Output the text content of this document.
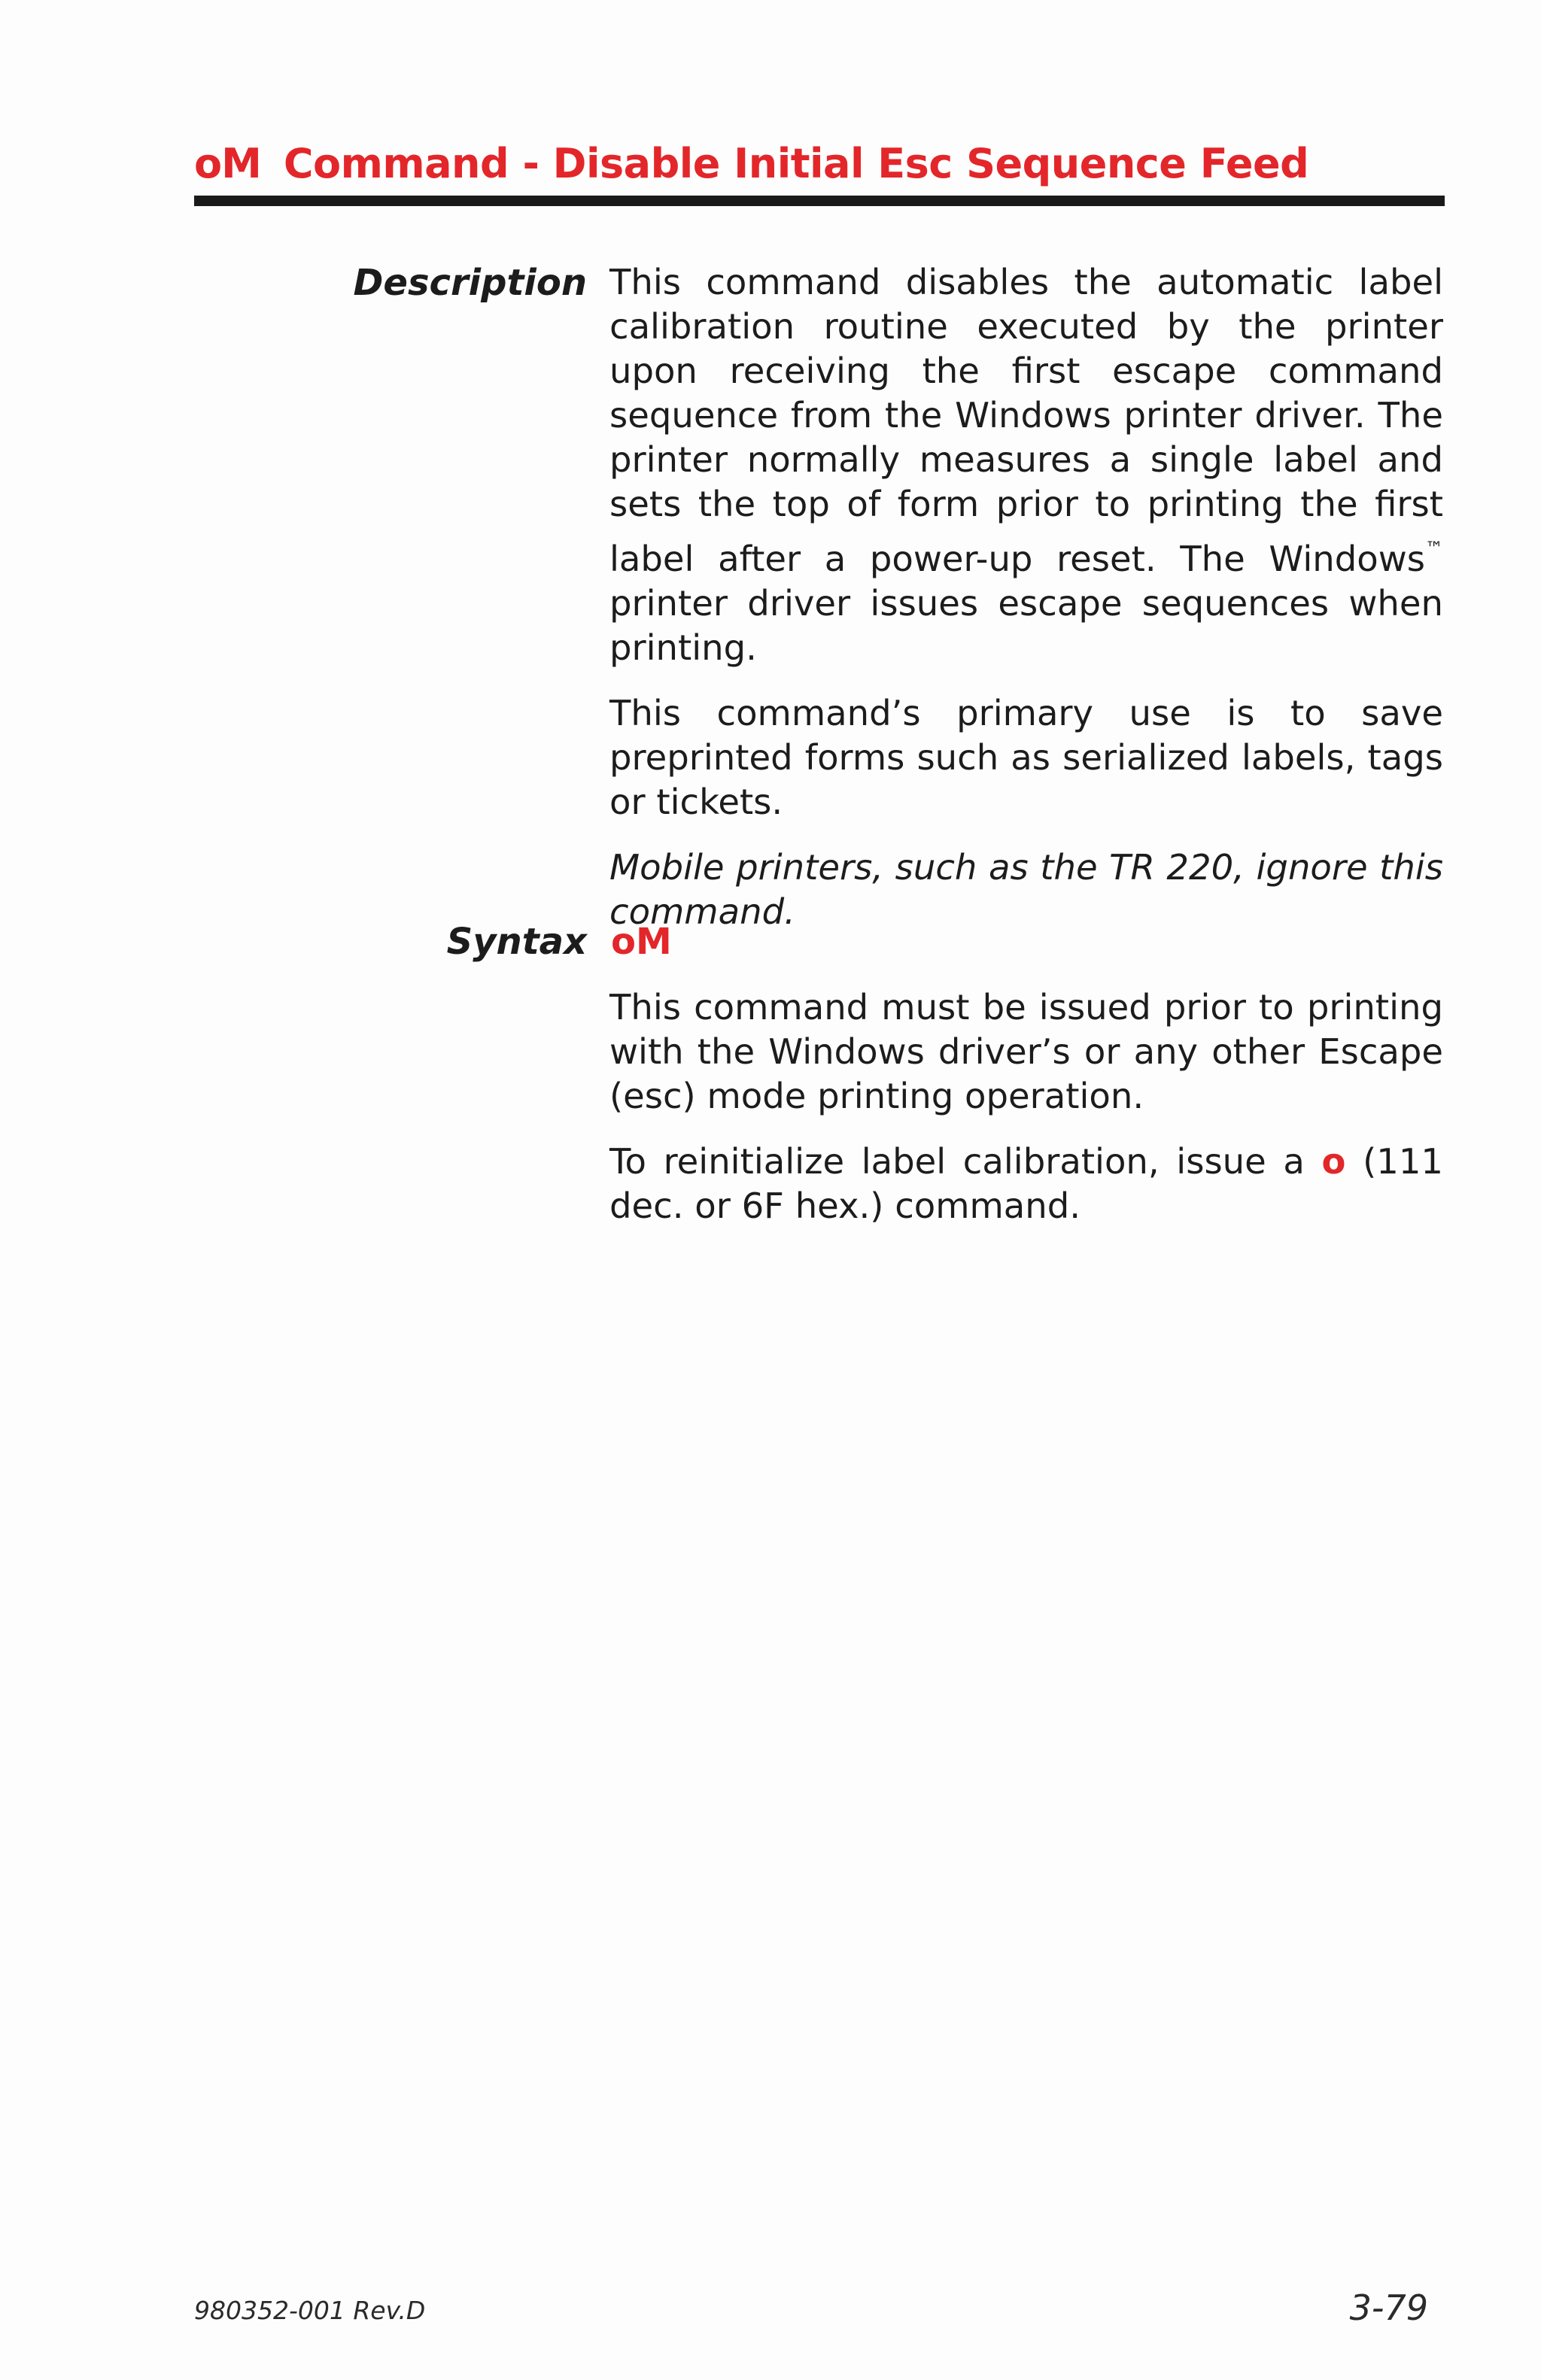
oM Command - Disable Initial Esc Sequence Feed
Description This command disables the automatic label calibration routine executed by the printer upon receiving the first escape command sequence from the Windows printer driver. The printer normally measures a single label and sets the top of form prior to printing the first label after a power-up reset. The Windows™ printer driver issues escape sequences when printing.

This command’s primary use is to save preprinted forms such as serialized labels, tags or tickets.

Mobile printers, such as the TR 220, ignore this command.

Syntax oM

This command must be issued prior to printing with the Windows driver’s or any other Escape (esc) mode printing operation.

To reinitialize label calibration, issue a o (111 dec. or 6F hex.) command.

980352-001 Rev.D	3-79
